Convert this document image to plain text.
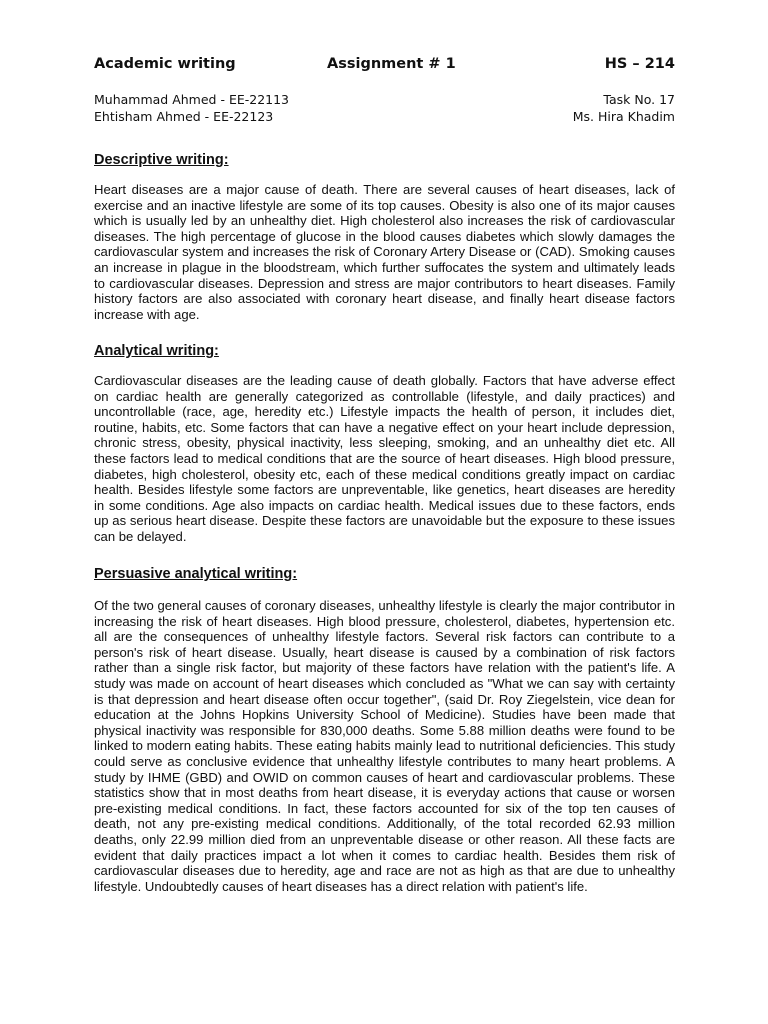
Academic writing	Assignment # 1	HS – 214
Muhammad Ahmed - EE-22113	Task No. 17
Ehtisham Ahmed - EE-22123	Ms. Hira Khadim
Descriptive writing:

Heart diseases are a major cause of death. There are several causes of heart diseases, lack of exercise and an inactive lifestyle are some of its top causes. Obesity is also one of its major causes which is usually led by an unhealthy diet. High cholesterol also increases the risk of cardiovascular diseases. The high percentage of glucose in the blood causes diabetes which slowly damages the cardiovascular system and increases the risk of Coronary Artery Disease or (CAD). Smoking causes an increase in plague in the bloodstream, which further suffocates the system and ultimately leads to cardiovascular diseases. Depression and stress are major contributors to heart diseases. Family history factors are also associated with coronary heart disease, and finally heart disease factors increase with age.

Analytical writing:

Cardiovascular diseases are the leading cause of death globally. Factors that have adverse effect on cardiac health are generally categorized as controllable (lifestyle, and daily practices) and uncontrollable (race, age, heredity etc.) Lifestyle impacts the health of person, it includes diet, routine, habits, etc. Some factors that can have a negative effect on your heart include depression, chronic stress, obesity, physical inactivity, less sleeping, smoking, and an unhealthy diet etc. All these factors lead to medical conditions that are the source of heart diseases. High blood pressure, diabetes, high cholesterol, obesity etc, each of these medical conditions greatly impact on cardiac health. Besides lifestyle some factors are unpreventable, like genetics, heart diseases are heredity in some conditions. Age also impacts on cardiac health. Medical issues due to these factors, ends up as serious heart disease. Despite these factors are unavoidable but the exposure to these issues can be delayed.

Persuasive analytical writing:

Of the two general causes of coronary diseases, unhealthy lifestyle is clearly the major contributor in increasing the risk of heart diseases. High blood pressure, cholesterol, diabetes, hypertension etc. all are the consequences of unhealthy lifestyle factors. Several risk factors can contribute to a person's risk of heart disease. Usually, heart disease is caused by a combination of risk factors rather than a single risk factor, but majority of these factors have relation with the patient's life. A study was made on account of heart diseases which concluded as "What we can say with certainty is that depression and heart disease often occur together", (said Dr. Roy Ziegelstein, vice dean for education at the Johns Hopkins University School of Medicine). Studies have been made that physical inactivity was responsible for 830,000 deaths. Some 5.88 million deaths were found to be linked to modern eating habits. These eating habits mainly lead to nutritional deficiencies. This study could serve as conclusive evidence that unhealthy lifestyle contributes to many heart problems. A study by IHME (GBD) and OWID on common causes of heart and cardiovascular problems. These statistics show that in most deaths from heart disease, it is everyday actions that cause or worsen pre-existing medical conditions. In fact, these factors accounted for six of the top ten causes of death, not any pre-existing medical conditions. Additionally, of the total recorded 62.93 million deaths, only 22.99 million died from an unpreventable disease or other reason. All these facts are evident that daily practices impact a lot when it comes to cardiac health. Besides them risk of cardiovascular diseases due to heredity, age and race are not as high as that are due to unhealthy lifestyle. Undoubtedly causes of heart diseases has a direct relation with patient's life.
